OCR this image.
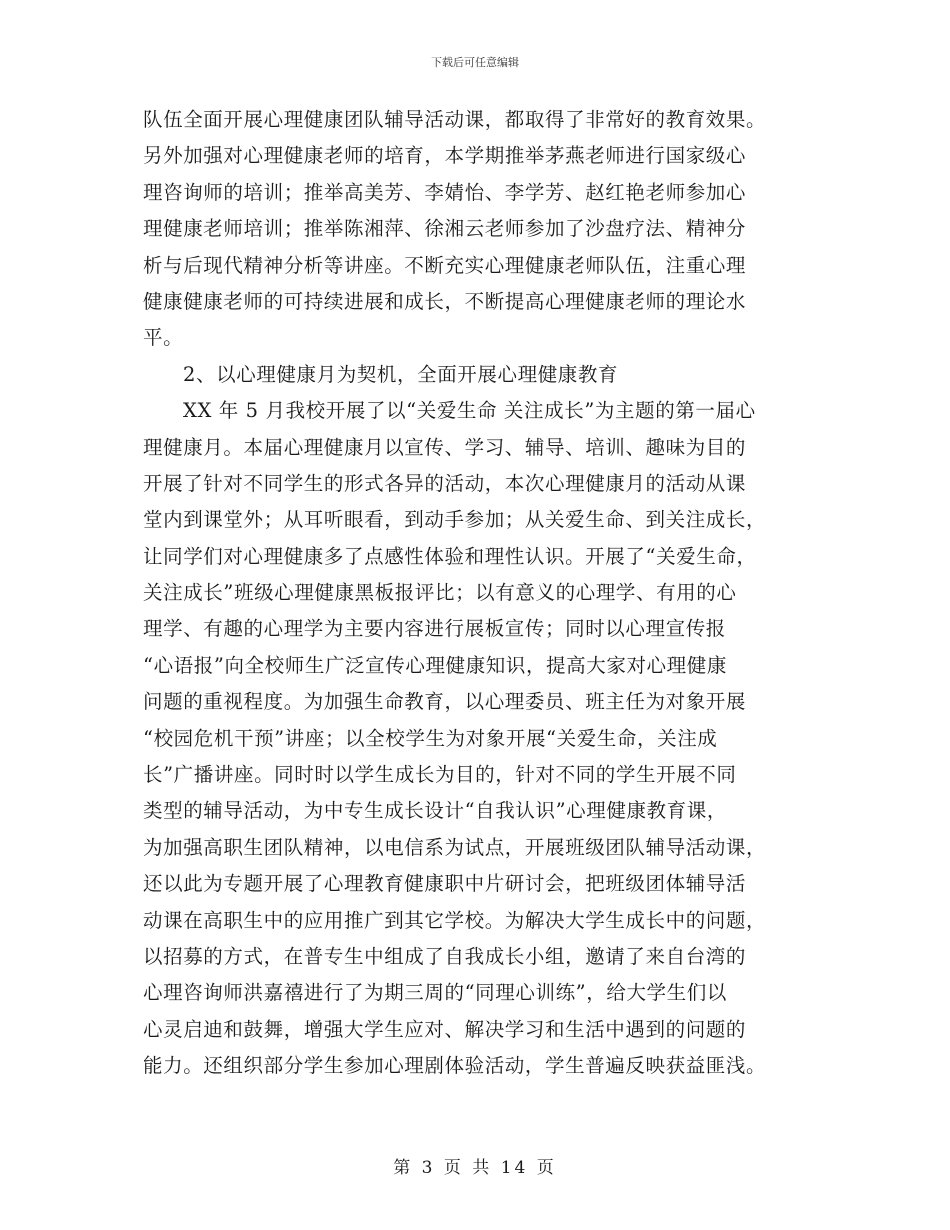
下载后可任意编辑
队伍全面开展心理健康团队辅导活动课，都取得了非常好的教育效果。
另外加强对心理健康老师的培育，本学期推举茅燕老师进行国家级心
理咨询师的培训；推举高美芳、李婧怡、李学芳、赵红艳老师参加心
理健康老师培训；推举陈湘萍、徐湘云老师参加了沙盘疗法、精神分
析与后现代精神分析等讲座。不断充实心理健康老师队伍，注重心理
健康健康老师的可持续进展和成长，不断提高心理健康老师的理论水
平。
2、以心理健康月为契机，全面开展心理健康教育
XX 年 5 月我校开展了以“关爱生命 关注成长”为主题的第一届心
理健康月。本届心理健康月以宣传、学习、辅导、培训、趣味为目的
开展了针对不同学生的形式各异的活动，本次心理健康月的活动从课
堂内到课堂外；从耳听眼看，到动手参加；从关爱生命、到关注成长，
让同学们对心理健康多了点感性体验和理性认识。开展了“关爱生命，
关注成长”班级心理健康黑板报评比；以有意义的心理学、有用的心
理学、有趣的心理学为主要内容进行展板宣传；同时以心理宣传报
“心语报”向全校师生广泛宣传心理健康知识，提高大家对心理健康
问题的重视程度。为加强生命教育，以心理委员、班主任为对象开展
“校园危机干预”讲座；以全校学生为对象开展“关爱生命，关注成
长”广播讲座。同时时以学生成长为目的，针对不同的学生开展不同
类型的辅导活动，为中专生成长设计“自我认识”心理健康教育课，
为加强高职生团队精神，以电信系为试点，开展班级团队辅导活动课，
还以此为专题开展了心理教育健康职中片研讨会，把班级团体辅导活
动课在高职生中的应用推广到其它学校。为解决大学生成长中的问题，
以招募的方式，在普专生中组成了自我成长小组，邀请了来自台湾的
心理咨询师洪嘉禧进行了为期三周的“同理心训练”，给大学生们以
心灵启迪和鼓舞，增强大学生应对、解决学习和生活中遇到的问题的
能力。还组织部分学生参加心理剧体验活动，学生普遍反映获益匪浅。
第 3 页 共 14 页
